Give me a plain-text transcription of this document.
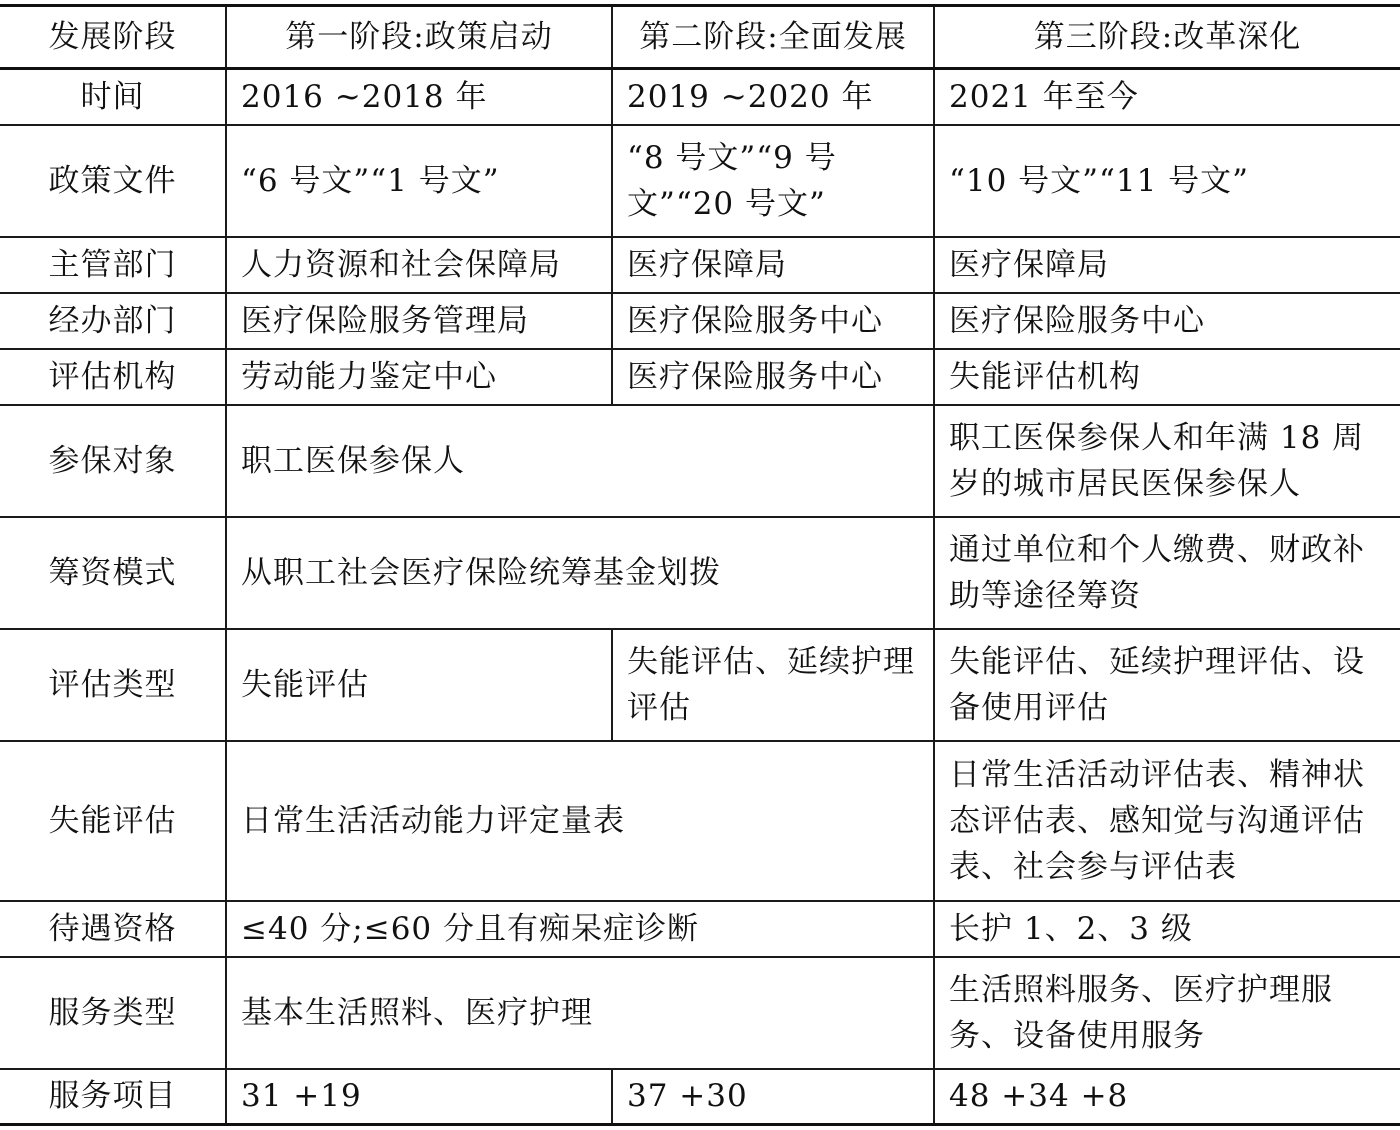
发展阶段	第一阶段:政策启动	第二阶段:全面发展	第三阶段:改革深化
时间	2016 ~2018 年	2019 ~2020 年	2021 年至今
政策文件	“6 号文”“1 号文”	“8 号文”“9 号文”“20 号文”	“10 号文”“11 号文”
主管部门	人力资源和社会保障局	医疗保障局	医疗保障局
经办部门	医疗保险服务管理局	医疗保险服务中心	医疗保险服务中心
评估机构	劳动能力鉴定中心	医疗保险服务中心	失能评估机构
参保对象	职工医保参保人		职工医保参保人和年满 18 周岁的城市居民医保参保人
筹资模式	从职工社会医疗保险统筹基金划拨		通过单位和个人缴费、财政补助等途径筹资
评估类型	失能评估	失能评估、延续护理评估	失能评估、延续护理评估、设备使用评估
失能评估	日常生活活动能力评定量表		日常生活活动评估表、精神状态评估表、感知觉与沟通评估表、社会参与评估表
待遇资格	≤40 分;≤60 分且有痴呆症诊断		长护 1、2、3 级
服务类型	基本生活照料、医疗护理		生活照料服务、医疗护理服务、设备使用服务
服务项目	31 +19	37 +30	48 +34 +8
